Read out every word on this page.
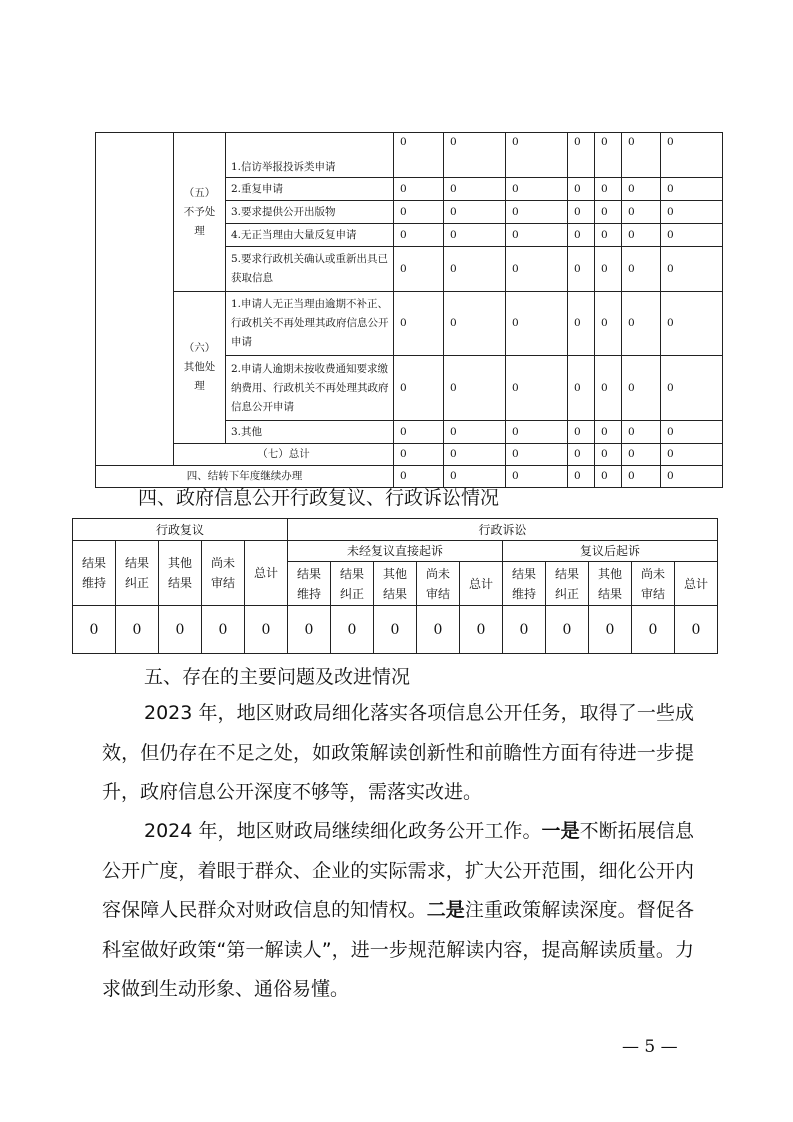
	（五）不予处理	1.信访举报投诉类申请	0	0	0	0	0	0	0
		2.重复申请	0	0	0	0	0	0	0
		3.要求提供公开出版物	0	0	0	0	0	0	0
		4.无正当理由大量反复申请	0	0	0	0	0	0	0
		5.要求行政机关确认或重新出具已获取信息	0	0	0	0	0	0	0
	（六）其他处理	1.申请人无正当理由逾期不补正、行政机关不再处理其政府信息公开申请	0	0	0	0	0	0	0
		2.申请人逾期未按收费通知要求缴纳费用、行政机关不再处理其政府信息公开申请	0	0	0	0	0	0	0
		3.其他	0	0	0	0	0	0	0
	（七）总计		0	0	0	0	0	0	0
四、结转下年度继续办理			0	0	0	0	0	0	0
四、政府信息公开行政复议、行政诉讼情况
行政复议					行政诉讼									
结果维持	结果纠正	其他结果	尚未审结	总计	未经复议直接起诉					复议后起诉				
					结果维持	结果纠正	其他结果	尚未审结	总计	结果维持	结果纠正	其他结果	尚未审结	总计
0	0	0	0	0	0	0	0	0	0	0	0	0	0	0
五、存在的主要问题及改进情况
2023 年，地区财政局细化落实各项信息公开任务，取得了一些成效，但仍存在不足之处，如政策解读创新性和前瞻性方面有待进一步提升，政府信息公开深度不够等，需落实改进。
2024 年，地区财政局继续细化政务公开工作。一是不断拓展信息公开广度，着眼于群众、企业的实际需求，扩大公开范围，细化公开内容保障人民群众对财政信息的知情权。二是注重政策解读深度。督促各科室做好政策“第一解读人”，进一步规范解读内容，提高解读质量。力求做到生动形象、通俗易懂。
— 5 —
